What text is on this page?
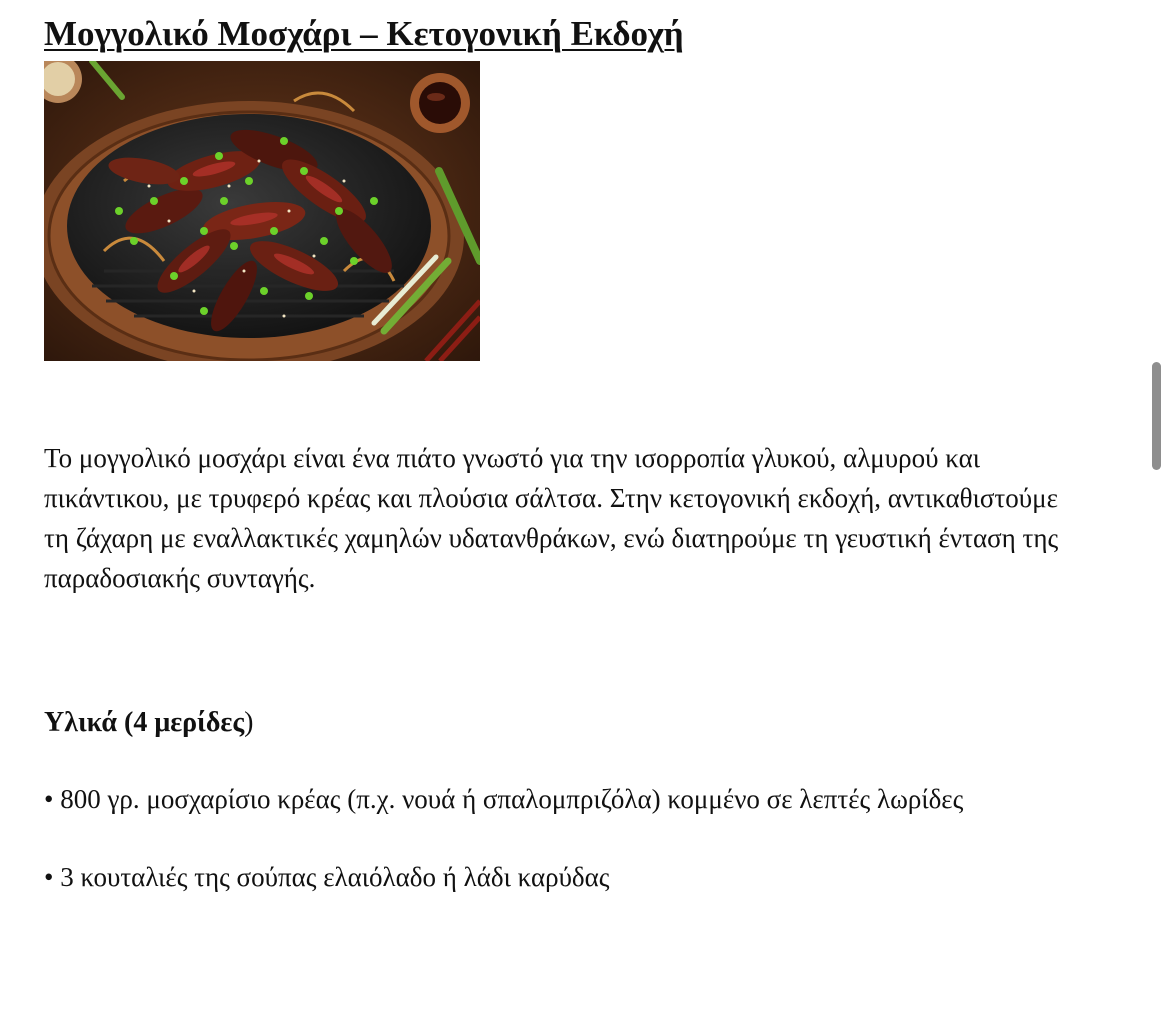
Μογγολικό Μοσχάρι – Κετογονική Εκδοχή

Το μογγολικό μοσχάρι είναι ένα πιάτο γνωστό για την ισορροπία γλυκού, αλμυρού και
πικάντικου, με τρυφερό κρέας και πλούσια σάλτσα. Στην κετογονική εκδοχή, αντικαθιστούμε
τη ζάχαρη με εναλλακτικές χαμηλών υδατανθράκων, ενώ διατηρούμε τη γευστική ένταση της
παραδοσιακής συνταγής.

Υλικά (4 μερίδες)

• 800 γρ. μοσχαρίσιο κρέας (π.χ. νουά ή σπαλομπριζόλα) κομμένο σε λεπτές λωρίδες

• 3 κουταλιές της σούπας ελαιόλαδο ή λάδι καρύδας
